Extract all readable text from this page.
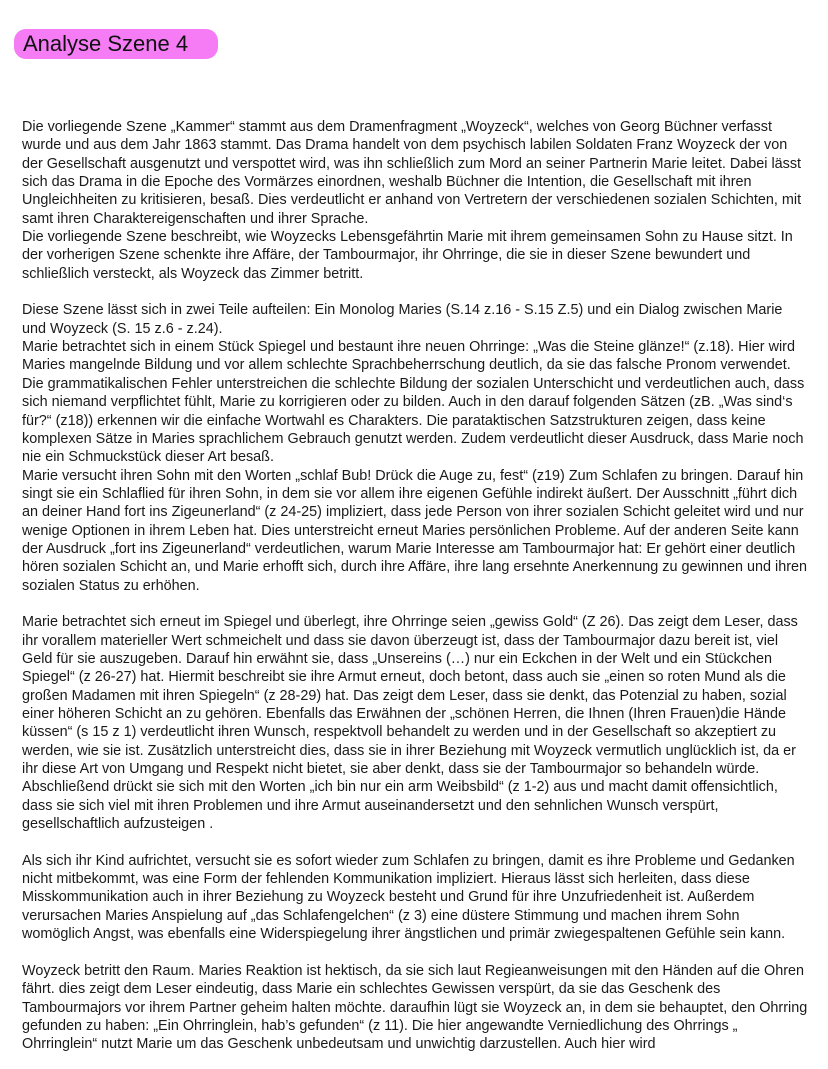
Analyse Szene 4

Die vorliegende Szene „Kammer“ stammt aus dem Dramenfragment „Woyzeck“, welches von Georg Büchner verfasst wurde und aus dem Jahr 1863 stammt. Das Drama handelt von dem psychisch labilen Soldaten Franz Woyzeck der von der Gesellschaft ausgenutzt und verspottet wird, was ihn schließlich zum Mord an seiner Partnerin Marie leitet. Dabei lässt sich das Drama in die Epoche des Vormärzes einordnen, weshalb Büchner die Intention, die Gesellschaft mit ihren Ungleichheiten zu kritisieren, besaß. Dies verdeutlicht er anhand von Vertretern der verschiedenen sozialen Schichten, mit samt ihren Charaktereigenschaften und ihrer Sprache.

Die vorliegende Szene beschreibt, wie Woyzecks Lebensgefährtin Marie mit ihrem gemeinsamen Sohn zu Hause sitzt. In der vorherigen Szene schenkte ihre Affäre, der Tambourmajor, ihr Ohrringe, die sie in dieser Szene bewundert und schließlich versteckt, als Woyzeck das Zimmer betritt.

Diese Szene lässt sich in zwei Teile aufteilen: Ein Monolog Maries (S.14 z.16 - S.15 Z.5) und ein Dialog zwischen Marie und Woyzeck (S. 15 z.6 - z.24).

Marie betrachtet sich in einem Stück Spiegel und bestaunt ihre neuen Ohrringe: „Was die Steine glänze!“ (z.18). Hier wird Maries mangelnde Bildung und vor allem schlechte Sprachbeherrschung deutlich, da sie das falsche Pronom verwendet. Die grammatikalischen Fehler unterstreichen die schlechte Bildung der sozialen Unterschicht und verdeutlichen auch, dass sich niemand verpflichtet fühlt, Marie zu korrigieren oder zu bilden. Auch in den darauf folgenden Sätzen (zB. „Was sind‘s für?“ (z18)) erkennen wir die einfache Wortwahl es Charakters. Die parataktischen Satzstrukturen zeigen, dass keine komplexen Sätze in Maries sprachlichem Gebrauch genutzt werden. Zudem verdeutlicht dieser Ausdruck, dass Marie noch nie ein Schmuckstück dieser Art besaß.

Marie versucht ihren Sohn mit den Worten „schlaf Bub! Drück die Auge zu, fest“ (z19) Zum Schlafen zu bringen. Darauf hin singt sie ein Schlaflied für ihren Sohn, in dem sie vor allem ihre eigenen Gefühle indirekt äußert. Der Ausschnitt „führt dich an deiner Hand fort ins Zigeunerland“ (z 24-25) impliziert, dass jede Person von ihrer sozialen Schicht geleitet wird und nur wenige Optionen in ihrem Leben hat. Dies unterstreicht erneut Maries persönlichen Probleme. Auf der anderen Seite kann der Ausdruck „fort ins Zigeunerland“ verdeutlichen, warum Marie Interesse am Tambourmajor hat: Er gehört einer deutlich hören sozialen Schicht an, und Marie erhofft sich, durch ihre Affäre, ihre lang ersehnte Anerkennung zu gewinnen und ihren sozialen Status zu erhöhen.

Marie betrachtet sich erneut im Spiegel und überlegt, ihre Ohrringe seien „gewiss Gold“ (Z 26). Das zeigt dem Leser, dass ihr vorallem materieller Wert schmeichelt und dass sie davon überzeugt ist, dass der Tambourmajor dazu bereit ist, viel Geld für sie auszugeben. Darauf hin erwähnt sie, dass „Unsereins (…) nur ein Eckchen in der Welt und ein Stückchen Spiegel“ (z 26-27) hat. Hiermit beschreibt sie ihre Armut erneut, doch betont, dass auch sie „einen so roten Mund als die großen Madamen mit ihren Spiegeln“ (z 28-29) hat. Das zeigt dem Leser, dass sie denkt, das Potenzial zu haben, sozial einer höheren Schicht an zu gehören. Ebenfalls das Erwähnen der „schönen Herren, die Ihnen (Ihren Frauen)die Hände küssen“ (s 15 z 1) verdeutlicht ihren Wunsch, respektvoll behandelt zu werden und in der Gesellschaft so akzeptiert zu werden, wie sie ist. Zusätzlich unterstreicht dies, dass sie in ihrer Beziehung mit Woyzeck vermutlich unglücklich ist, da er ihr diese Art von Umgang und Respekt nicht bietet, sie aber denkt, dass sie der Tambourmajor so behandeln würde. Abschließend drückt sie sich mit den Worten „ich bin nur ein arm Weibsbild“ (z 1-2) aus und macht damit offensichtlich, dass sie sich viel mit ihren Problemen und ihre Armut auseinandersetzt und den sehnlichen Wunsch verspürt, gesellschaftlich aufzusteigen .

Als sich ihr Kind aufrichtet, versucht sie es sofort wieder zum Schlafen zu bringen, damit es ihre Probleme und Gedanken nicht mitbekommt, was eine Form der fehlenden Kommunikation impliziert. Hieraus lässt sich herleiten, dass diese Misskommunikation auch in ihrer Beziehung zu Woyzeck besteht und Grund für ihre Unzufriedenheit ist. Außerdem verursachen Maries Anspielung auf „das Schlafengelchen“ (z 3) eine düstere Stimmung und machen ihrem Sohn womöglich Angst, was ebenfalls eine Widerspiegelung ihrer ängstlichen und primär zwiegespaltenen Gefühle sein kann.

Woyzeck betritt den Raum. Maries Reaktion ist hektisch, da sie sich laut Regieanweisungen mit den Händen auf die Ohren fährt. dies zeigt dem Leser eindeutig, dass Marie ein schlechtes Gewissen verspürt, da sie das Geschenk des Tambourmajors vor ihrem Partner geheim halten möchte. daraufhin lügt sie Woyzeck an, in dem sie behauptet, den Ohrring gefunden zu haben: „Ein Ohrringlein, hab’s gefunden“ (z 11). Die hier angewandte Verniedlichung des Ohrrings „ Ohrringlein“ nutzt Marie um das Geschenk unbedeutsam und unwichtig darzustellen. Auch hier wird
